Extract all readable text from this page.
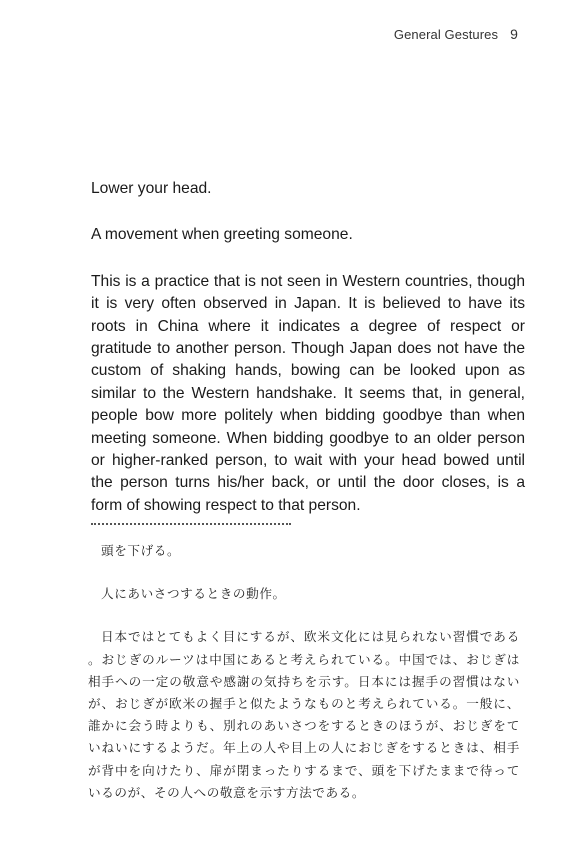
General Gestures 9

Lower your head.

A movement when greeting someone.

This is a practice that is not seen in Western countries, though it is very often observed in Japan. It is believed to have its roots in China where it indicates a degree of respect or gratitude to another person. Though Japan does not have the custom of shaking hands, bowing can be looked upon as similar to the Western handshake. It seems that, in general, people bow more politely when bidding goodbye than when meeting someone. When bidding goodbye to an older person or higher-ranked person, to wait with your head bowed until the person turns his/her back, or until the door closes, is a form of showing respect to that person.

頭を下げる。

人にあいさつするときの動作。

日本ではとてもよく目にするが、欧米文化には見られない習慣である。おじぎのルーツは中国にあると考えられている。中国では、おじぎは相手への一定の敬意や感謝の気持ちを示す。日本には握手の習慣はないが、おじぎが欧米の握手と似たようなものと考えられている。一般に、誰かに会う時よりも、別れのあいさつをするときのほうが、おじぎをていねいにするようだ。年上の人や目上の人におじぎをするときは、相手が背中を向けたり、扉が閉まったりするまで、頭を下げたままで待っているのが、その人への敬意を示す方法である。
